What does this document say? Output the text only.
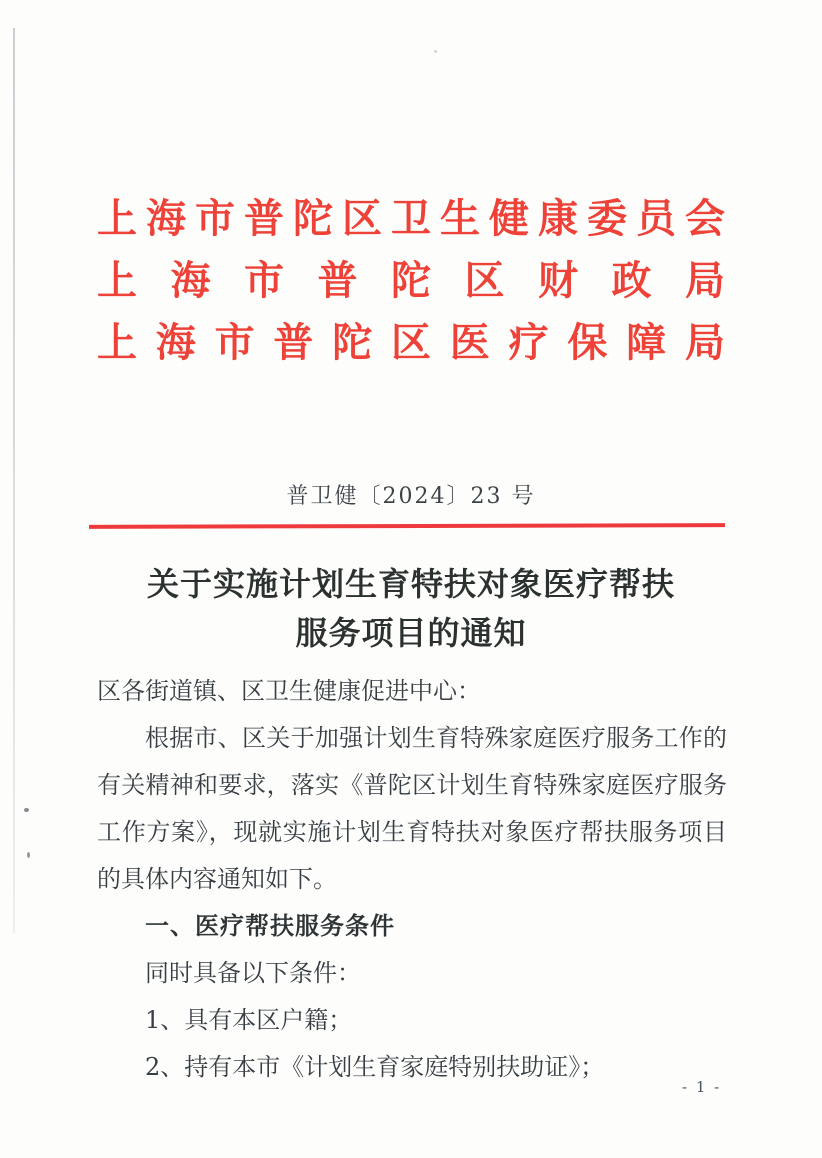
上 海 市 普 陀 区 卫 生 健 康 委 员 会
上 海 市 普 陀 区 财 政 局
上 海 市 普 陀 区 医 疗 保 障 局
普卫健〔2024〕23 号
关于实施计划生育特扶对象医疗帮扶
服务项目的通知

区各街道镇、区卫生健康促进中心：

根据市、区关于加强计划生育特殊家庭医疗服务工作的有关精神和要求，落实《普陀区计划生育特殊家庭医疗服务工作方案》，现就实施计划生育特扶对象医疗帮扶服务项目的具体内容通知如下。

一、医疗帮扶服务条件

同时具备以下条件：

1、具有本区户籍；

2、持有本市《计划生育家庭特别扶助证》；

- 1 -
